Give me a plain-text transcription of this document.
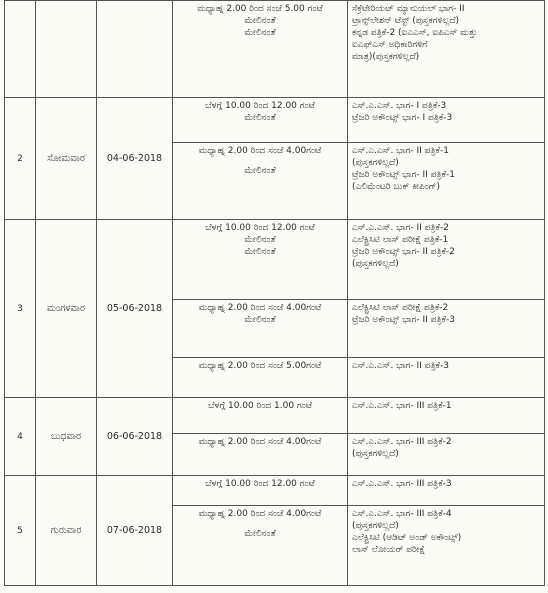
			ಮಧ್ಯಾಹ್ನ 2.00 ರಿಂದ ಸಂಜೆ 5.00 ಗಂಟೆ
ಮೇಲಿನಂತೆ
ಮೇಲಿನಂತೆ	ಸೆಕ್ರೆಟೇರಿಯಟ್ ಮ್ಯಾನುಯಲ್ ಭಾಗ- II
ಟ್ರಾನ್ಸ್‌ಲೇಶನ್ ಟೆಸ್ಟ್ (ಪುಸ್ತಕಗಳಿಲ್ಲದೆ)
ಕನ್ನಡ ಪತ್ರಿಕೆ-2 (ಐಎಎಸ್, ಐಪಿಎಸ್ ಮತ್ತು
ಐಎಫ್‌ಎಸ್ ಅಧಿಕಾರಿಗಳಿಗೆ
ಮಾತ್ರ)(ಪುಸ್ತಕಗಳಿಲ್ಲದೆ)

2	ಸೋಮವಾರ	04-06-2018	ಬೆಳಗ್ಗೆ 10.00 ರಿಂದ 12.00 ಗಂಟೆ
ಮೇಲಿನಂತೆ	ಎಸ್.ಎ.ಎಸ್. ಭಾಗ- I ಪತ್ರಿಕೆ-3
ಟ್ರೆಜರಿ ಅಕೌಂಟ್ಸ್ ಭಾಗ- I ಪತ್ರಿಕೆ-3

			ಮಧ್ಯಾಹ್ನ 2.00 ರಿಂದ ಸಂಜೆ 4.00ಗಂಟೆ
ಮೇಲಿನಂತೆ	ಎಸ್.ಎ.ಎಸ್. ಭಾಗ- II ಪತ್ರಿಕೆ-1
(ಪುಸ್ತಕಗಳಿಲ್ಲದೆ)
ಟ್ರೆಜರಿ ಅಕೌಂಟ್ಸ್ ಭಾಗ- II ಪತ್ರಿಕೆ-1
(ಎಲಿಮೆಂಟರಿ ಬುಕ್ ಕೀಪಿಂಗ್)

3	ಮಂಗಳವಾರ	05-06-2018	ಬೆಳಗ್ಗೆ 10.00 ರಿಂದ 12.00 ಗಂಟೆ
ಮೇಲಿನಂತೆ
ಮೇಲಿನಂತೆ	ಎಸ್.ಎ.ಎಸ್. ಭಾಗ- II ಪತ್ರಿಕೆ-2
ಎಲೆಕ್ಟ್ರಿಸಿಟಿ ಲಾಸ್ ಪರೀಕ್ಷೆ ಪತ್ರಿಕೆ-1
ಟ್ರೆಜರಿ ಅಕೌಂಟ್ಸ್ ಭಾಗ- II ಪತ್ರಿಕೆ-2
(ಪುಸ್ತಕಗಳಿಲ್ಲದೆ)

			ಮಧ್ಯಾಹ್ನ 2.00 ರಿಂದ ಸಂಜೆ 4.00ಗಂಟೆ
ಮೇಲಿನಂತೆ	ಎಲೆಕ್ಟ್ರಿಸಿಟಿ ಲಾಸ್ ಪರೀಕ್ಷೆ ಪತ್ರಿಕೆ-2
ಟ್ರೆಜರಿ ಅಕೌಂಟ್ಸ್ ಭಾಗ- II ಪತ್ರಿಕೆ-3

			ಮಧ್ಯಾಹ್ನ 2.00 ರಿಂದ ಸಂಜೆ 5.00ಗಂಟೆ	ಎಸ್.ಎ.ಎಸ್. ಭಾಗ- II ಪತ್ರಿಕೆ-3

4	ಬುಧವಾರ	06-06-2018	ಬೆಳಗ್ಗೆ 10.00 ರಿಂದ 1.00 ಗಂಟೆ	ಎಸ್.ಎ.ಎಸ್. ಭಾಗ- III ಪತ್ರಿಕೆ-1

			ಮಧ್ಯಾಹ್ನ 2.00 ರಿಂದ ಸಂಜೆ 4.00ಗಂಟೆ	ಎಸ್.ಎ.ಎಸ್. ಭಾಗ- III ಪತ್ರಿಕೆ-2
(ಪುಸ್ತಕಗಳಿಲ್ಲದೆ)

5	ಗುರುವಾರ	07-06-2018	ಬೆಳಗ್ಗೆ 10.00 ರಿಂದ 12.00 ಗಂಟೆ	ಎಸ್.ಎ.ಎಸ್. ಭಾಗ- III ಪತ್ರಿಕೆ-3

			ಮಧ್ಯಾಹ್ನ 2.00 ರಿಂದ ಸಂಜೆ 4.00ಗಂಟೆ
ಮೇಲಿನಂತೆ	ಎಸ್.ಎ.ಎಸ್. ಭಾಗ- III ಪತ್ರಿಕೆ-4
(ಪುಸ್ತಕಗಳಿಲ್ಲದೆ)
ಎಲೆಕ್ಟ್ರಿಸಿಟಿ (ಆಡಿಟ್ ಅಂಡ್ ಅಕೌಂಟ್ಸ್)
ಲಾಸ್ ಲೋಯರ್ ಪರೀಕ್ಷೆ
